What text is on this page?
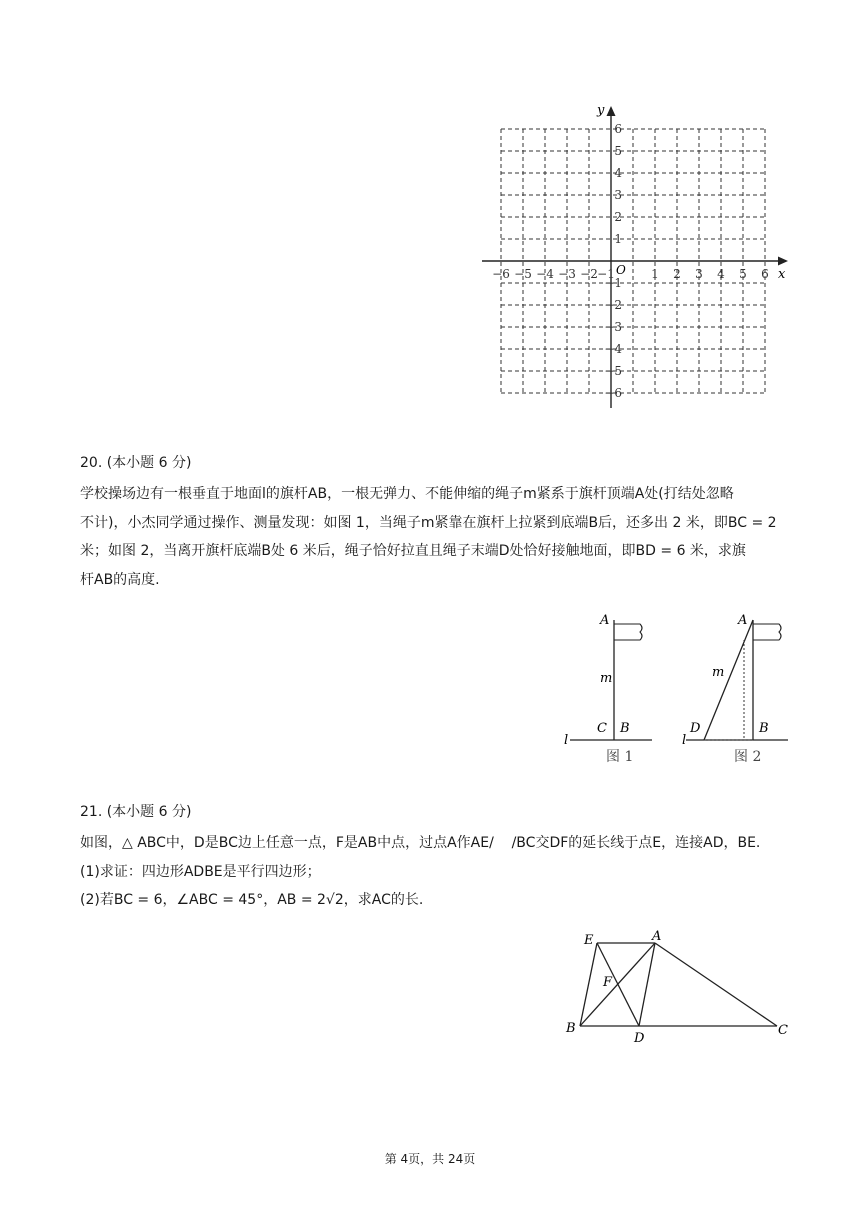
y
x
O
−6 −5 −4 −3 −2 −1	1 2 3 4 5 6
6
5
4
3
2
1
−1
−2
−3
−4
−5
−6
20. (本小题 6 分)
学校操场边有一根垂直于地面l的旗杆AB，一根无弹力、不能伸缩的绳子m紧系于旗杆顶端A处(打结处忽略
不计)，小杰同学通过操作、测量发现：如图 1，当绳子m紧靠在旗杆上拉紧到底端B后，还多出 2 米，即BC = 2
米；如图 2，当离开旗杆底端B处 6 米后，绳子恰好拉直且绳子末端D处恰好接触地面，即BD = 6 米，求旗
杆AB的高度.
A
m
C B
l
图 1
A
m
D	B
l
图 2
21. (本小题 6 分)
如图，△ ABC中，D是BC边上任意一点，F是AB中点，过点A作AE/    /BC交DF的延长线于点E，连接AD，BE.
(1)求证：四边形ADBE是平行四边形；
(2)若BC = 6，∠ABC = 45°，AB = 2√2，求AC的长.
E	A
F
B
D
C
第 4页，共 24页
